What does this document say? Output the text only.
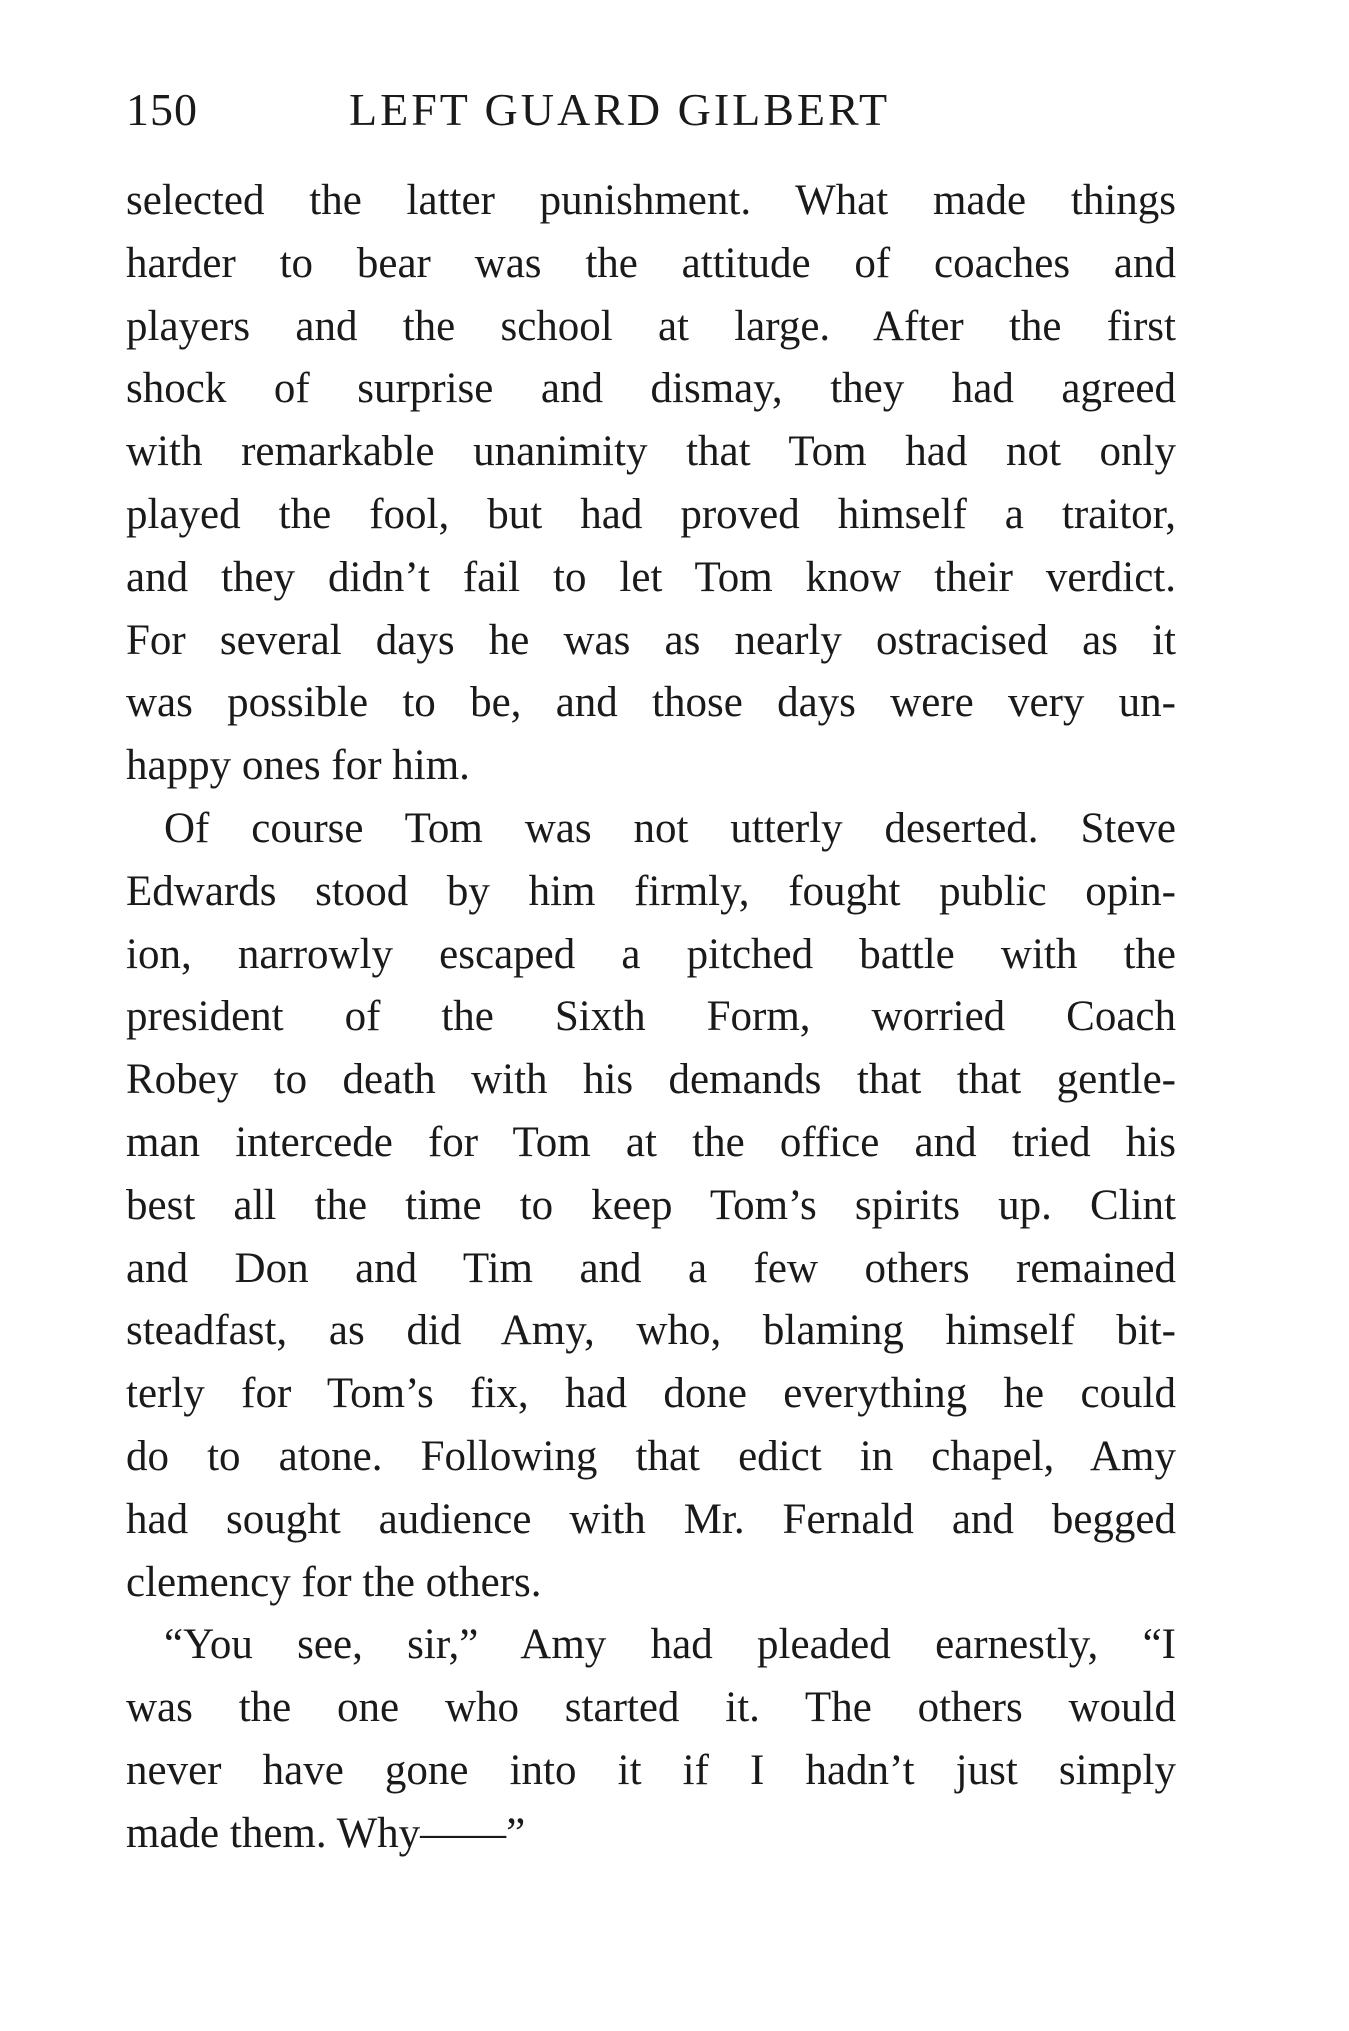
150	LEFT GUARD GILBERT
selected the latter punishment. What made things
harder to bear was the attitude of coaches and
players and the school at large. After the first
shock of surprise and dismay, they had agreed
with remarkable unanimity that Tom had not only
played the fool, but had proved himself a traitor,
and they didn’t fail to let Tom know their verdict.
For several days he was as nearly ostracised as it
was possible to be, and those days were very un-
happy ones for him.
Of course Tom was not utterly deserted. Steve
Edwards stood by him firmly, fought public opin-
ion, narrowly escaped a pitched battle with the
president of the Sixth Form, worried Coach
Robey to death with his demands that that gentle-
man intercede for Tom at the office and tried his
best all the time to keep Tom’s spirits up. Clint
and Don and Tim and a few others remained
steadfast, as did Amy, who, blaming himself bit-
terly for Tom’s fix, had done everything he could
do to atone. Following that edict in chapel, Amy
had sought audience with Mr. Fernald and begged
clemency for the others.
“You see, sir,” Amy had pleaded earnestly, “I
was the one who started it. The others would
never have gone into it if I hadn’t just simply
made them. Why——”
